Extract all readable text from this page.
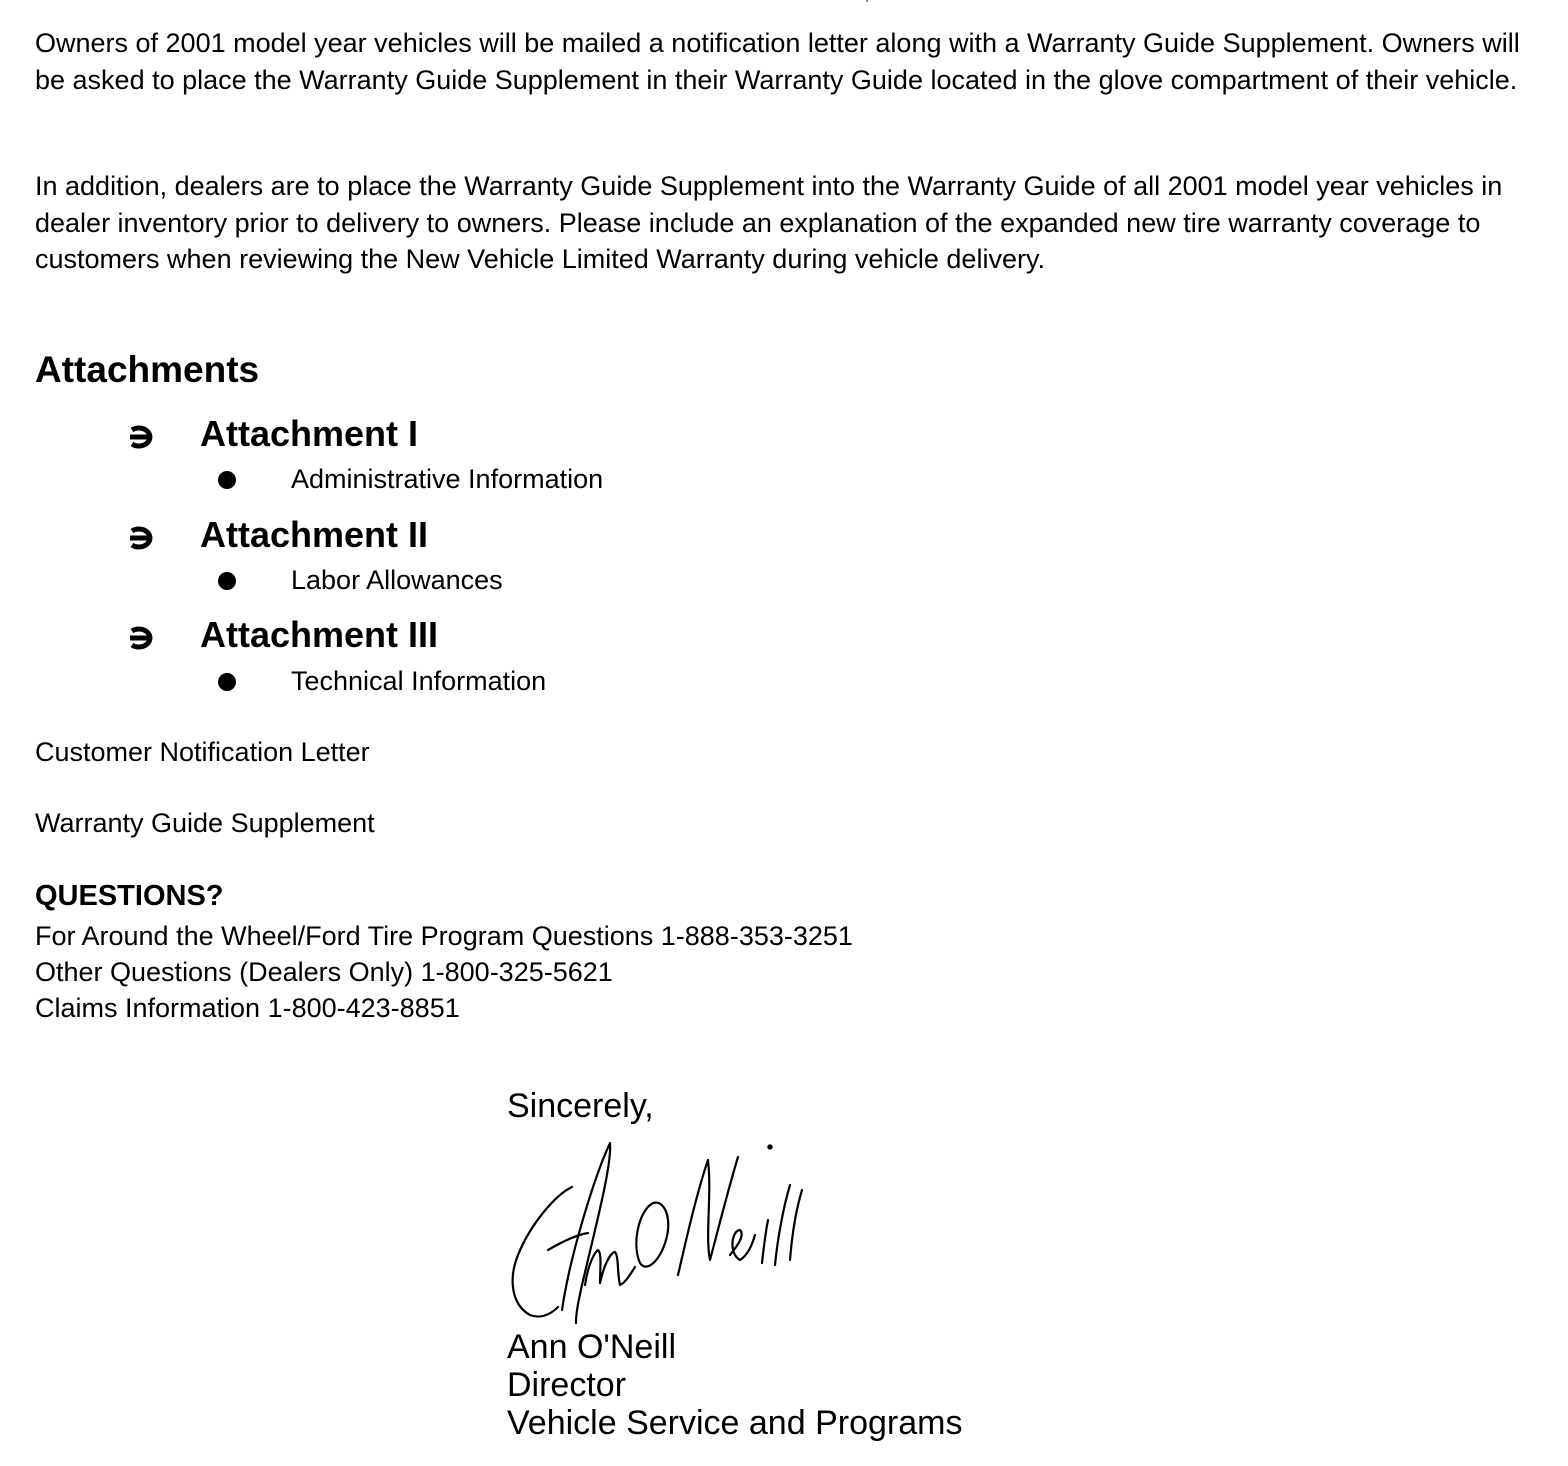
Owners of 2001 model year vehicles will be mailed a notification letter along with a Warranty Guide Supplement. Owners will be asked to place the Warranty Guide Supplement in their Warranty Guide located in the glove compartment of their vehicle.

In addition, dealers are to place the Warranty Guide Supplement into the Warranty Guide of all 2001 model year vehicles in dealer inventory prior to delivery to owners. Please include an explanation of the expanded new tire warranty coverage to customers when reviewing the New Vehicle Limited Warranty during vehicle delivery.

Attachments

Attachment I

Administrative Information

Attachment II

Labor Allowances

Attachment III

Technical Information

Customer Notification Letter

Warranty Guide Supplement

QUESTIONS?

For Around the Wheel/Ford Tire Program Questions 1-888-353-3251

Other Questions (Dealers Only) 1-800-325-5621

Claims Information 1-800-423-8851

Sincerely,

Ann O'Neill

Director

Vehicle Service and Programs
